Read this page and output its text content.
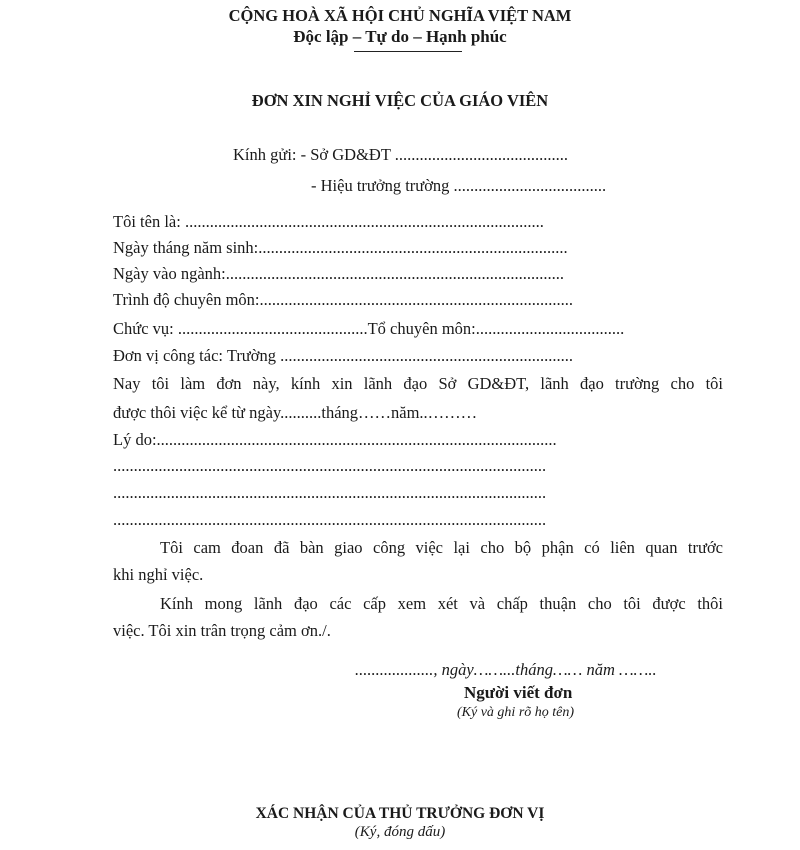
CỘNG HOÀ XÃ HỘI CHỦ NGHĨA VIỆT NAM
Độc lập – Tự do – Hạnh phúc
ĐƠN XIN NGHỈ VIỆC CỦA GIÁO VIÊN
Kính gửi: - Sở GD&ĐT ..........................................
- Hiệu trưởng trường .....................................
Tôi tên là: .......................................................................................
Ngày tháng năm sinh:...........................................................................
Ngày vào ngành:..................................................................................
Trình độ chuyên môn:............................................................................
Chức vụ: ..............................................Tổ chuyên môn:....................................
Đơn vị công tác: Trường .......................................................................
Nay tôi làm đơn này, kính xin lãnh đạo Sở GD&ĐT, lãnh đạo trường cho tôi
được thôi việc kể từ ngày..........tháng……năm..………
Lý do:.................................................................................................
.........................................................................................................
.........................................................................................................
.........................................................................................................
Tôi cam đoan đã bàn giao công việc lại cho bộ phận có liên quan trước
khi nghỉ việc.
Kính mong lãnh đạo các cấp xem xét và chấp thuận cho tôi được thôi
việc. Tôi xin trân trọng cảm ơn./.
..................., ngày……...tháng…… năm ……..
Người viết đơn
(Ký và ghi rõ họ tên)
XÁC NHẬN CỦA THỦ TRƯỞNG ĐƠN VỊ
(Ký, đóng dấu)
